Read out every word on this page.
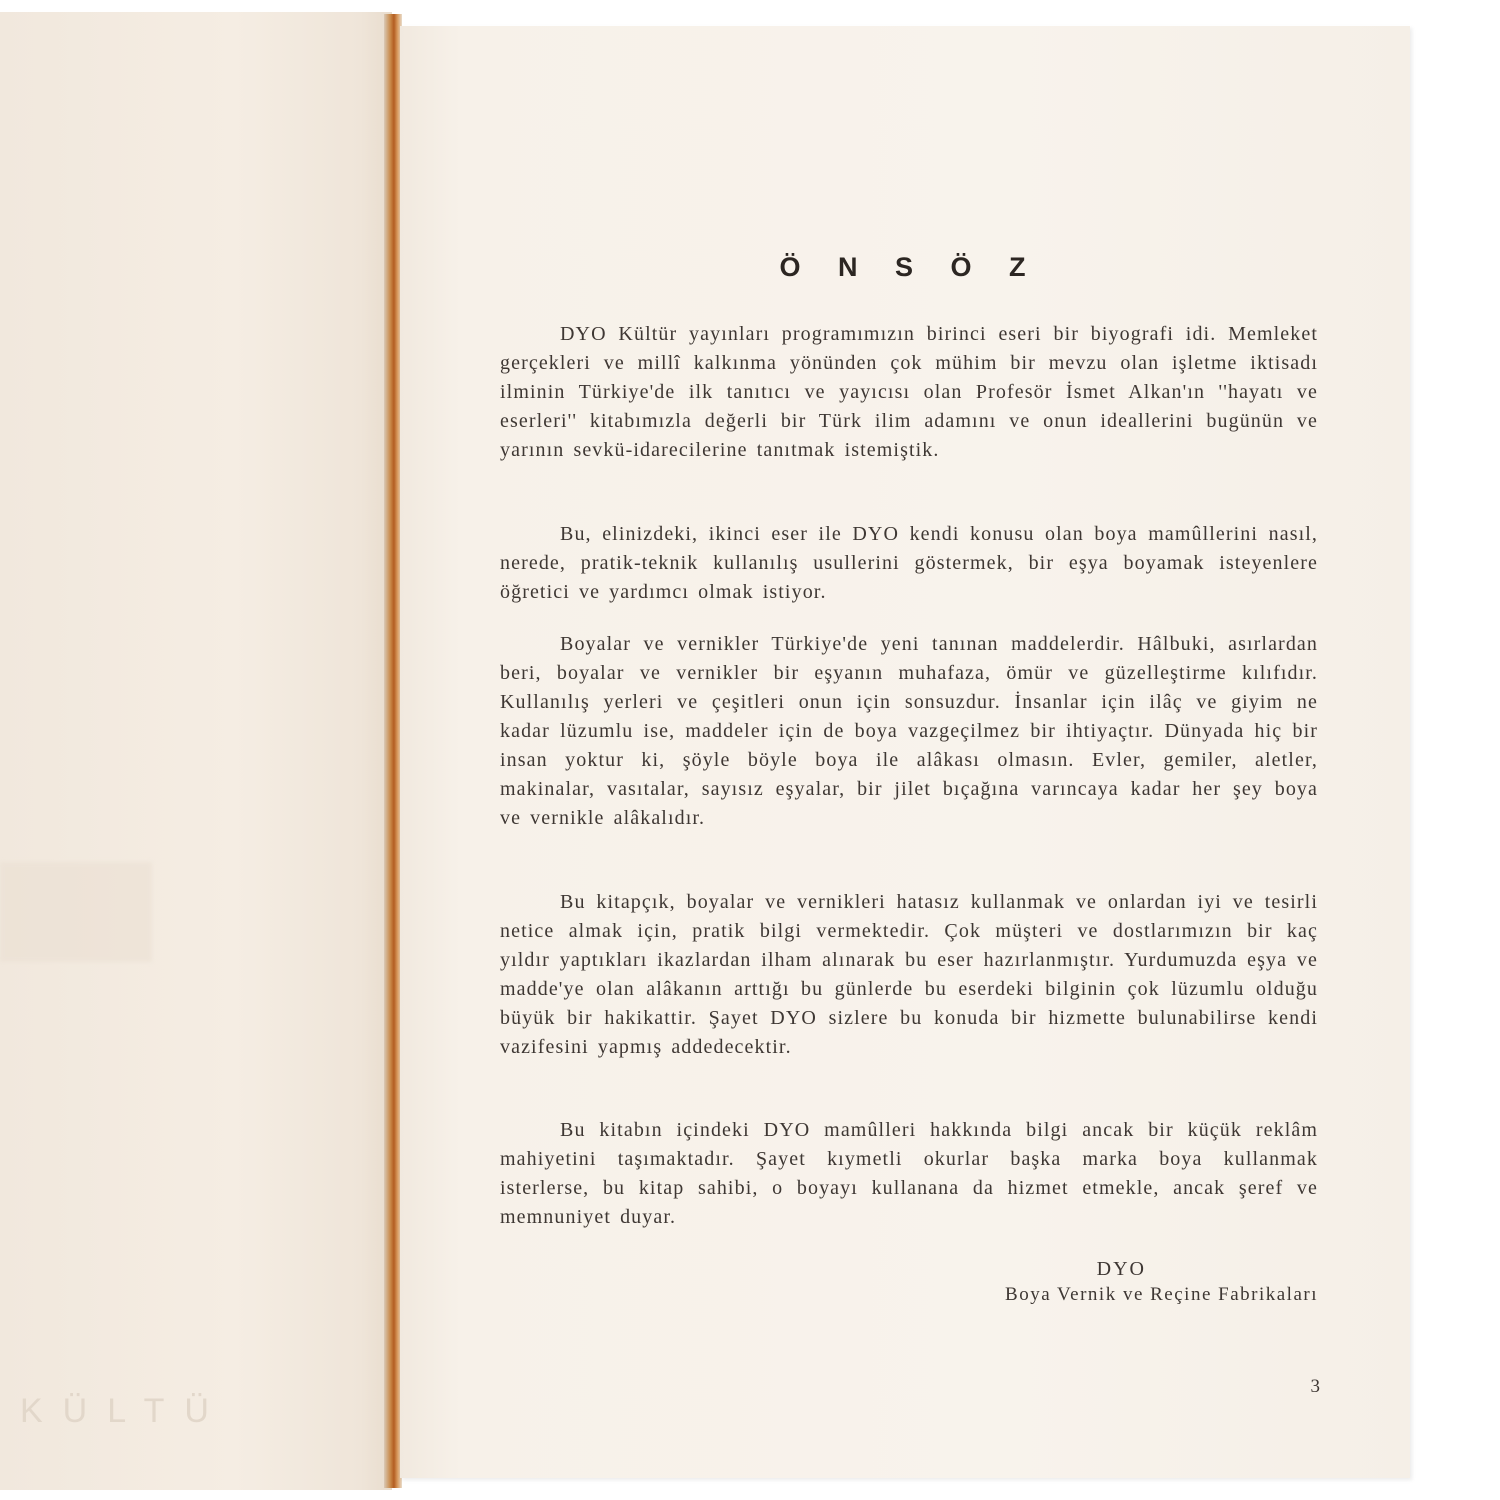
KÜLTÜ
Ö N S Ö Z

DYO Kültür yayınları programımızın birinci eseri bir biyografi idi. Memleket gerçekleri ve millî kalkınma yönünden çok mühim bir mevzu olan işletme iktisadı ilminin Türkiye'de ilk tanıtıcı ve yayıcısı olan Profesör İsmet Alkan'ın ''hayatı ve eserleri'' kitabımızla değerli bir Türk ilim adamını ve onun ideallerini bugünün ve yarının sevkü-idarecilerine tanıtmak istemiştik.

Bu, elinizdeki, ikinci eser ile DYO kendi konusu olan boya mamûllerini nasıl, nerede, pratik-teknik kullanılış usullerini göstermek, bir eşya boyamak isteyenlere öğretici ve yardımcı olmak istiyor.

Boyalar ve vernikler Türkiye'de yeni tanınan maddelerdir. Hâlbuki, asırlardan beri, boyalar ve vernikler bir eşyanın muhafaza, ömür ve güzelleştirme kılıfıdır. Kullanılış yerleri ve çeşitleri onun için sonsuzdur. İnsanlar için ilâç ve giyim ne kadar lüzumlu ise, maddeler için de boya vazgeçilmez bir ihtiyaçtır. Dünyada hiç bir insan yoktur ki, şöyle böyle boya ile alâkası olmasın. Evler, gemiler, aletler, makinalar, vasıtalar, sayısız eşyalar, bir jilet bıçağına varıncaya kadar her şey boya ve vernikle alâkalıdır.

Bu kitapçık, boyalar ve vernikleri hatasız kullanmak ve onlardan iyi ve tesirli netice almak için, pratik bilgi vermektedir. Çok müşteri ve dostlarımızın bir kaç yıldır yaptıkları ikazlardan ilham alınarak bu eser hazırlanmıştır. Yurdumuzda eşya ve madde'ye olan alâkanın arttığı bu günlerde bu eserdeki bilginin çok lüzumlu olduğu büyük bir hakikattir. Şayet DYO sizlere bu konuda bir hizmette bulunabilirse kendi vazifesini yapmış addedecektir.

Bu kitabın içindeki DYO mamûlleri hakkında bilgi ancak bir küçük reklâm mahiyetini taşımaktadır. Şayet kıymetli okurlar başka marka boya kullanmak isterlerse, bu kitap sahibi, o boyayı kullanana da hizmet etmekle, ancak şeref ve memnuniyet duyar.

DYO
Boya Vernik ve Reçine Fabrikaları
3
